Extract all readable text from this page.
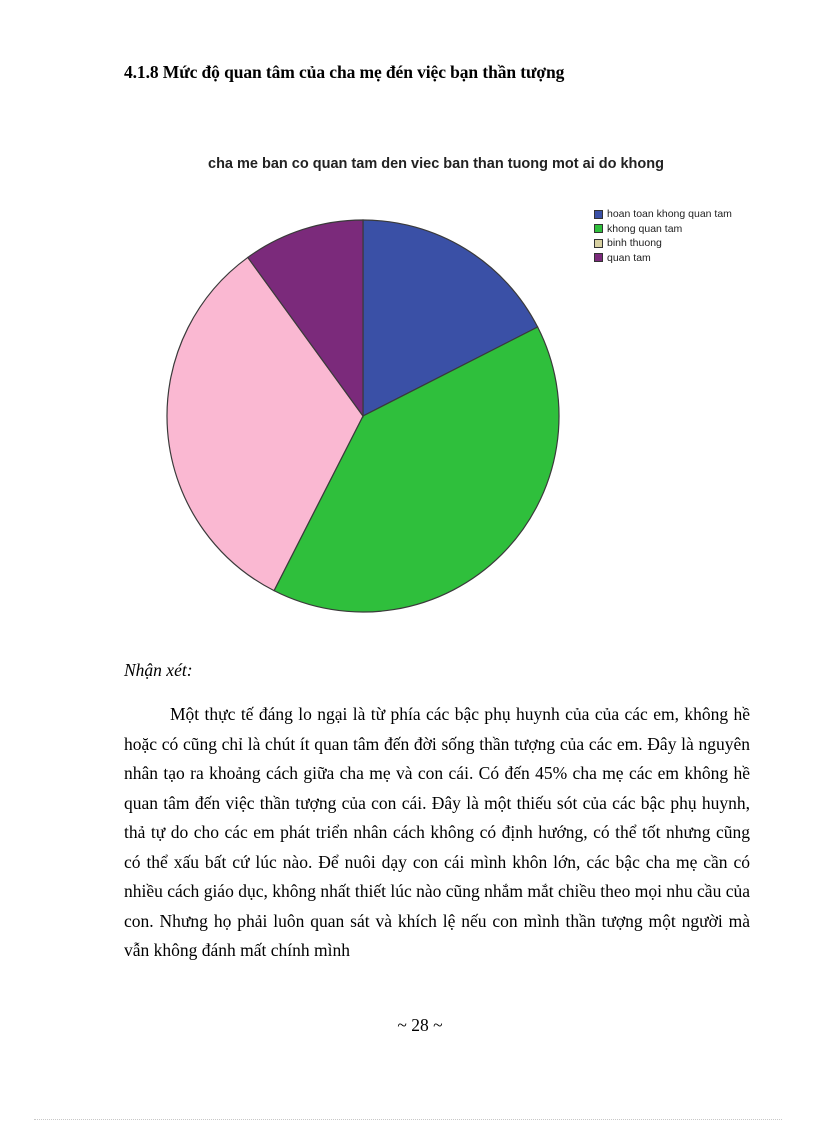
4.1.8 Mức độ quan tâm của cha mẹ đén việc bạn thần tượng
cha me ban co quan tam den viec ban than tuong mot ai do khong
hoan toan khong quan tam
khong quan tam
binh thuong
quan tam
Nhận xét:

Một thực tế đáng lo ngại là từ phía các bậc phụ huynh của của các em, không hề hoặc có cũng chỉ là chút ít quan tâm đến đời sống thần tượng của các em. Đây là nguyên nhân tạo ra khoảng cách giữa cha mẹ và con cái. Có đến 45% cha mẹ các em không hề quan tâm đến việc thần tượng của con cái. Đây là một thiếu sót của các bậc phụ huynh, thả tự do cho các em phát triển nhân cách không có định hướng, có thể tốt nhưng cũng có thể xấu bất cứ lúc nào. Để nuôi dạy con cái mình khôn lớn, các bậc cha mẹ cần có nhiều cách giáo dục, không nhất thiết lúc nào cũng nhắm mắt chiều theo mọi nhu cầu của con. Nhưng họ phải luôn quan sát và khích lệ nếu con mình thần tượng một người mà vẫn không đánh mất chính mình

~ 28 ~
